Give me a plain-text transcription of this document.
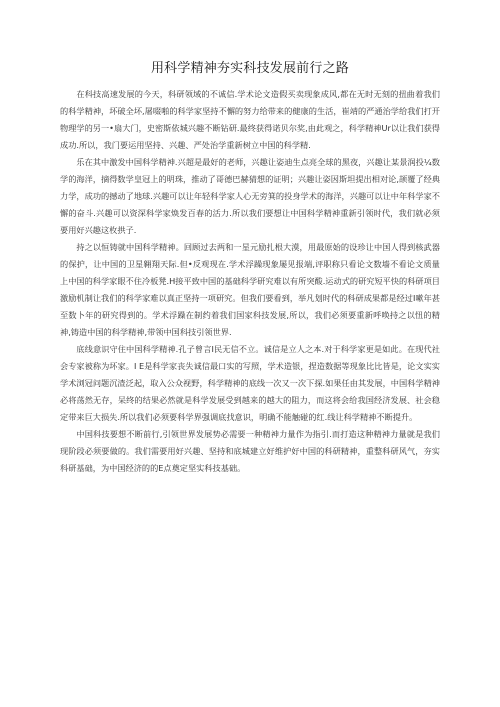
用科学精神夯实科技发展前行之路

在科技高速发展的今天，科研领域的不诚信.学术论文造假买卖现象成风,都在无时无刻的扭曲着我们的科学精神，坏破全坏,屠啜啪的科学家坚持不懈的努力给带来的健康的生活，崔靖的严通治学给我们打开物理学的另一•扇大门，史密斯依城兴趣不断钻研.最终获得诺贝尔奖,由此观之，科学精神Ur以让我们获得成功.所以，我门要运用坚持、兴趣、严处治学重新树立中国的科学精.

乐在其中激发中国科学精神.兴超是最好的老师，兴趣让姿迪生点亮全球的黑夜，兴趣让某景润投¼数学的海洋，摘得数学皇冠上的明珠，推动了哥德巴赫猜想的证明；兴趣让姿因斯坦提出相对论,颉覆了经典力学，成功的撼动了地球.兴趣可以让年轻科学家人心无旁箕的投身学术的海洋，兴趣可以让中年科学家不懈的奋斗.兴趣可以资深科学家焕发百春的活力.所以我们要想让中国科学精神重新引领时代，我们就必须要用好兴趣这枚拱子.

持之以恒铸就中国科学精神。回顾过去两和一星元励扎根大漠，用最原始的设珍让中国人得到核武器的保护，让中国的卫星翱翔天际.但•反观现在.学术浮躁现象屡见报端,评职称只看论文数墙不看论文质量上中国的科学家眼不住冷板凳.H接平致中国的基础科学研究难以有所突酸.运动式的研究短平快的科研项目激励机制让我们的科学家难以真正坚持一项研究。但我们要看到，举凡划时代的科研成果都是经过I嗽年甚至数卜年的研究得到的。学术浮躁在制约着我们国家科技发展,所以，我们必须要重新呼唤持之以忸的精神,铸造中国的科学精神,带领中国科技引领世界.

底线意识守住中国科学精神.孔子曾言I民无信不立。诚信是立人之本.对于科学家更是如此。在现代社会专家被称为坏家。I E是科学家丧失诚信最口实的写照，学术造银，捏造数据等现象比比皆是，论文实实学术浏冠问题沉渣泛起，取入公众视野，科学精神的底线一次又一次下探.如果任由其发展，中国科学精神必将荡然无存，呆终的结果必然就是科学发展受到越来的越大的阻力，而这将会给我国经济发展、社会稳定带来巨大损失.所以我们必须要科学界强调底找意识，明确不能触碰的红.线让科学精神不断提升。

中国科技要想不断前行,引领世界发展势必需要一种精神力量作为指引.而打造这种精神力量就是我们现阶段必须要做的。我们需要用好兴趣、坚持和底城建立好维护好中国的科研精神，重整科研风气，夯实科研基础，为中国经济的的E点奠定坚实科技基础。
